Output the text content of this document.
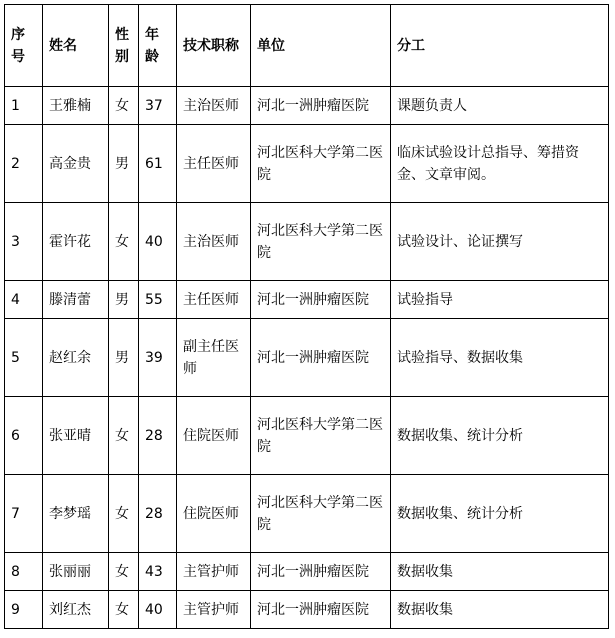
序号	姓名	性别	年龄	技术职称	单位	分工
1	王雅楠	女	37	主治医师	河北一洲肿瘤医院	课题负责人
2	高金贵	男	61	主任医师	河北医科大学第二医院	临床试验设计总指导、筹措资金、文章审阅。
3	霍许花	女	40	主治医师	河北医科大学第二医院	试验设计、论证撰写
4	滕清蕾	男	55	主任医师	河北一洲肿瘤医院	试验指导
5	赵红余	男	39	副主任医师	河北一洲肿瘤医院	试验指导、数据收集
6	张亚晴	女	28	住院医师	河北医科大学第二医院	数据收集、统计分析
7	李梦瑶	女	28	住院医师	河北医科大学第二医院	数据收集、统计分析
8	张丽丽	女	43	主管护师	河北一洲肿瘤医院	数据收集
9	刘红杰	女	40	主管护师	河北一洲肿瘤医院	数据收集
